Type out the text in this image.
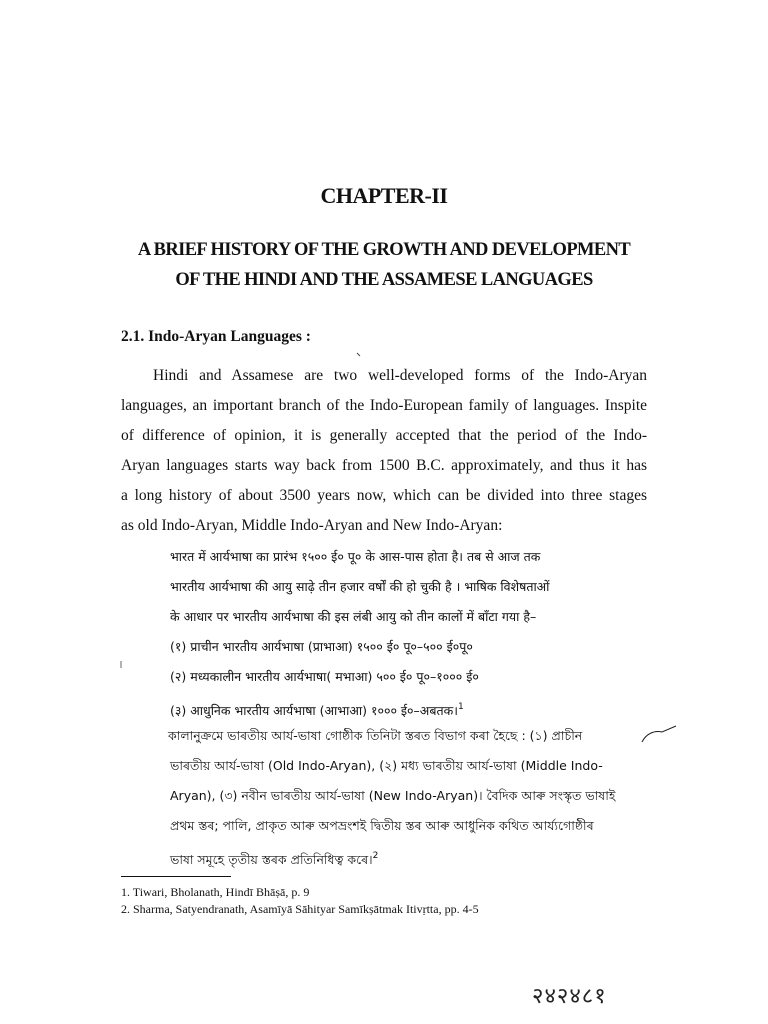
CHAPTER-II
A BRIEF HISTORY OF THE GROWTH AND DEVELOPMENT
OF THE HINDI AND THE ASSAMESE LANGUAGES
2.1. Indo-Aryan Languages :
Hindi and Assamese are two well-developed forms of the Indo-Aryan
languages, an important branch of the Indo-European family of languages. Inspite
of difference of opinion, it is generally accepted that the period of the Indo-
Aryan languages starts way back from 1500 B.C. approximately, and thus it has
a long history of about 3500 years now, which can be divided into three stages
as old Indo-Aryan, Middle Indo-Aryan and New Indo-Aryan:
भारत में आर्यभाषा का प्रारंभ १५०० ई० पू० के आस-पास होता है। तब से आज तक
भारतीय आर्यभाषा की आयु साढ़े तीन हजार वर्षों की हो चुकी है । भाषिक विशेषताओं
के आधार पर भारतीय आर्यभाषा की इस लंबी आयु को तीन कालों में बाँटा गया है–
(१) प्राचीन भारतीय आर्यभाषा (प्राभाआ) १५०० ई० पू०–५०० ई०पू०
(२) मध्यकालीन भारतीय आर्यभाषा( मभाआ) ५०० ई० पू०–१००० ई०
(३) आधुनिक भारतीय आर्यभाषा (आभाआ) १००० ई०–अबतक।$^1$
কালানুক্ৰমে ভাৰতীয় আৰ্য-ভাষা গোষ্ঠীক তিনিটা স্তৰত বিভাগ কৰা হৈছে : (১) প্ৰাচীন
ভাৰতীয় আৰ্য-ভাষা (Old Indo-Aryan), (২) মধ্য ভাৰতীয় আৰ্য-ভাষা (Middle Indo-
Aryan), (৩) নবীন ভাৰতীয় আৰ্য-ভাষা (New Indo-Aryan)। বৈদিক আৰু সংস্কৃত ভাষাই
প্ৰথম স্তৰ; পালি, প্ৰাকৃত আৰু অপভ্ৰংশই দ্বিতীয় স্তৰ আৰু আধুনিক কথিত আৰ্য্যগোষ্ঠীৰ
ভাষা সমূহে তৃতীয় স্তৰক প্ৰতিনিধিত্ব কৰে।$^2$
1. Tiwari, Bholanath, Hindī Bhāṣā, p. 9
2. Sharma, Satyendranath, Asamīyā Sāhityar Samīkṣātmak Itivṛtta, pp. 4-5
२४२४८१
